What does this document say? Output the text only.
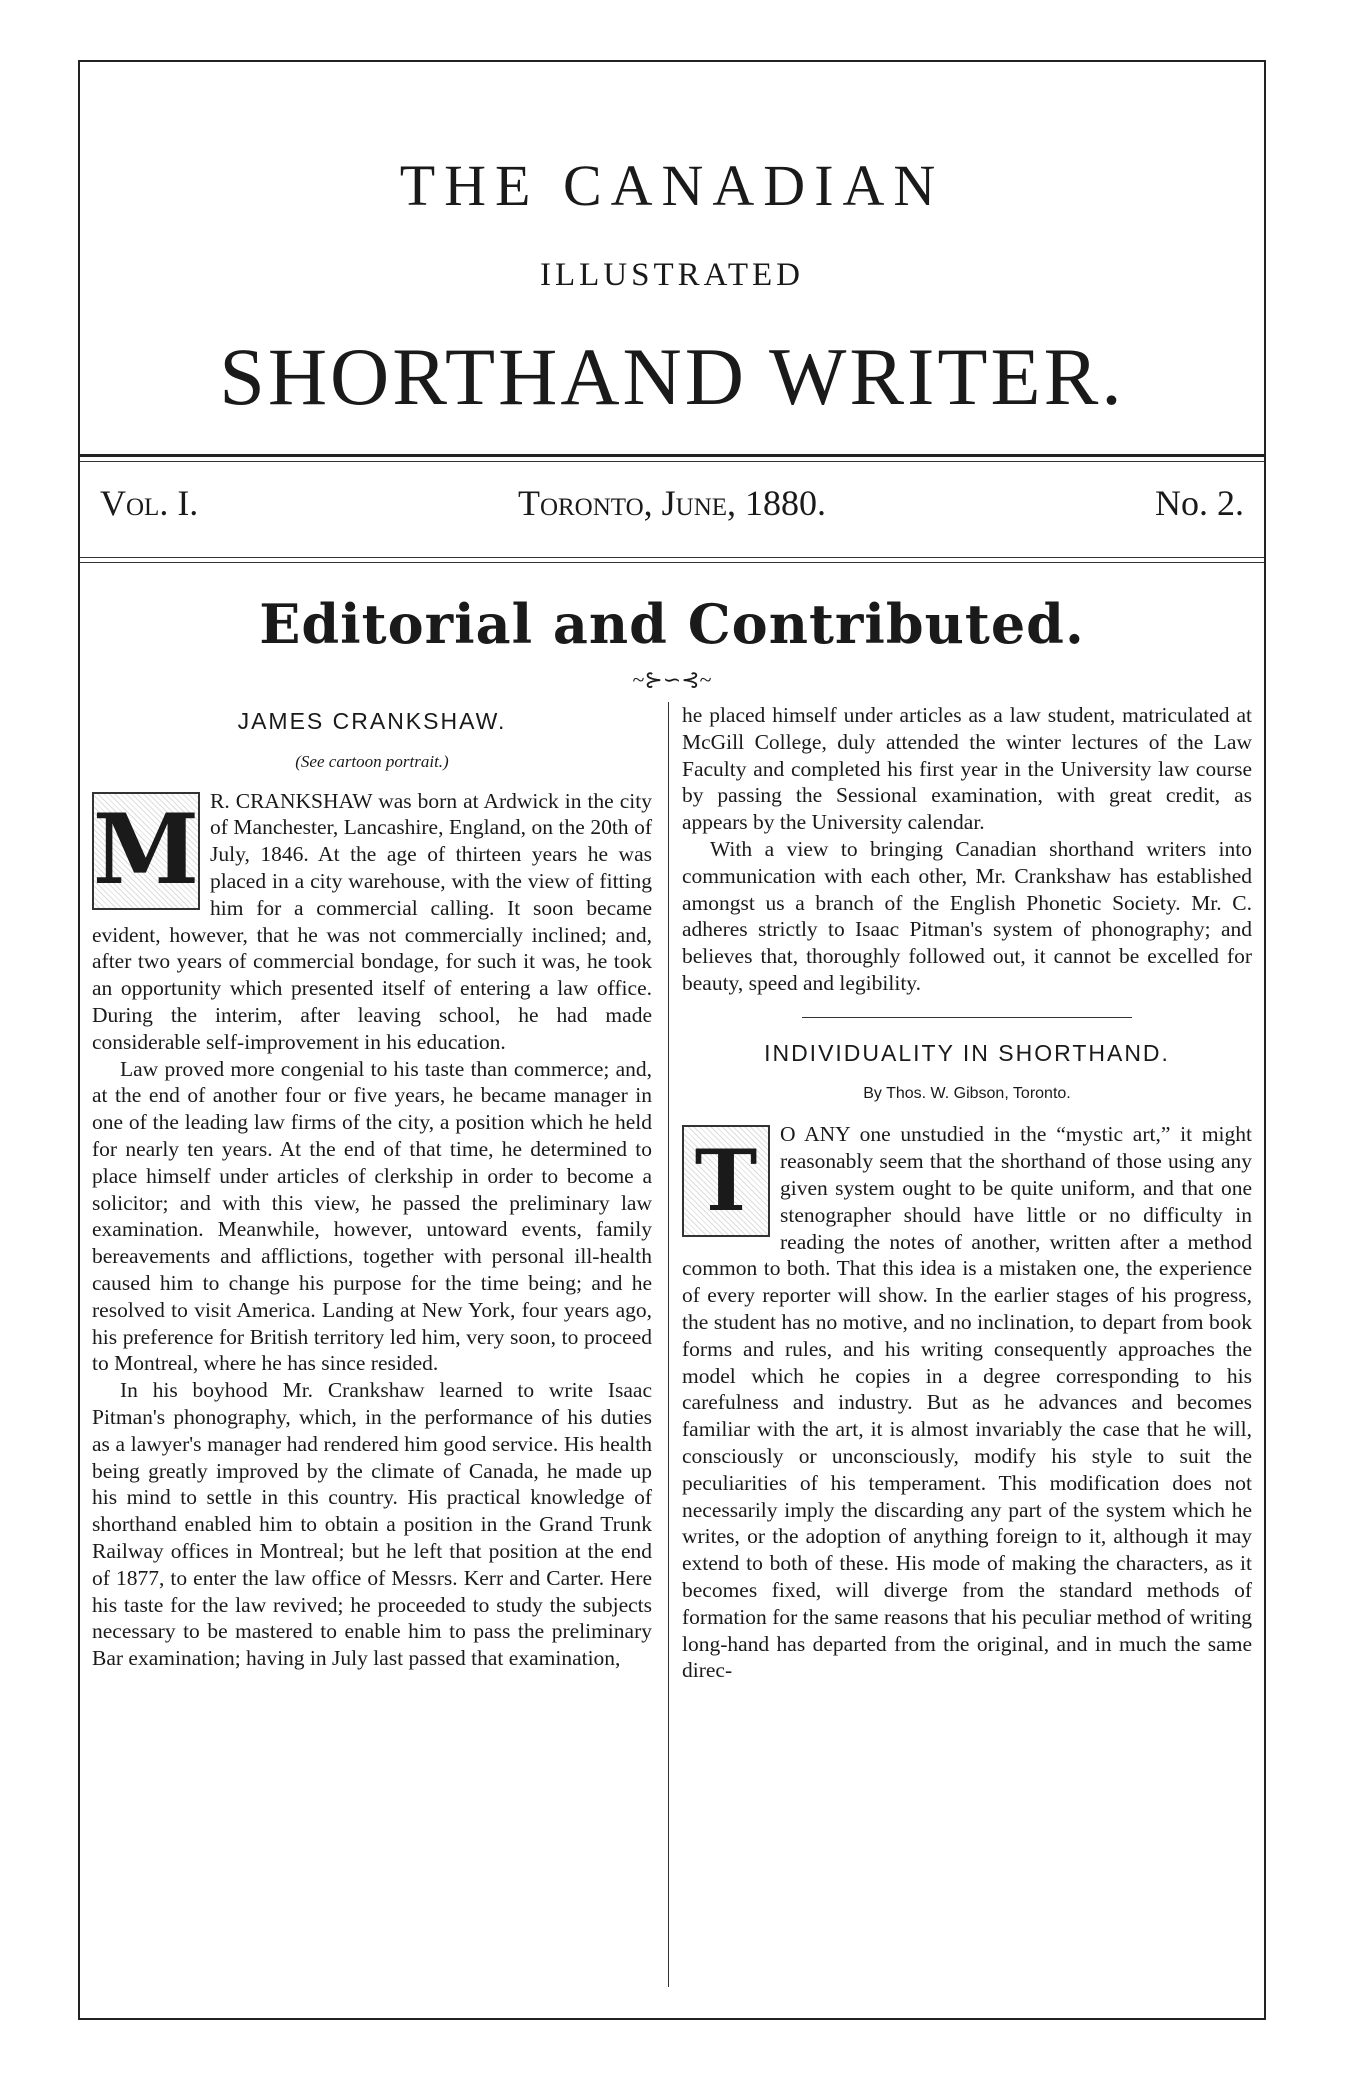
THE CANADIAN
ILLUSTRATED
SHORTHAND WRITER.
Vol. I.	Toronto, June, 1880.	No. 2.
Editorial and Contributed.
~⊱∽⊰~
JAMES CRANKSHAW.
(See cartoon portrait.)
M R. CRANKSHAW was born at Ardwick in the city of Manchester, Lancashire, England, on the 20th of July, 1846. At the age of thirteen years he was placed in a city warehouse, with the view of fitting him for a commercial calling. It soon became evident, however, that he was not commercially inclined; and, after two years of commercial bondage, for such it was, he took an opportunity which presented itself of entering a law office. During the interim, after leaving school, he had made considerable self-improvement in his education.

Law proved more congenial to his taste than commerce; and, at the end of another four or five years, he became manager in one of the leading law firms of the city, a position which he held for nearly ten years. At the end of that time, he determined to place himself under articles of clerkship in order to become a solicitor; and with this view, he passed the preliminary law examination. Meanwhile, however, untoward events, family bereavements and afflictions, together with personal ill-health caused him to change his purpose for the time being; and he resolved to visit America. Landing at New York, four years ago, his preference for British territory led him, very soon, to proceed to Montreal, where he has since resided.

In his boyhood Mr. Crankshaw learned to write Isaac Pitman's phonography, which, in the performance of his duties as a lawyer's manager had rendered him good service. His health being greatly improved by the climate of Canada, he made up his mind to settle in this country. His practical knowledge of shorthand enabled him to obtain a position in the Grand Trunk Railway offices in Montreal; but he left that position at the end of 1877, to enter the law office of Messrs. Kerr and Carter. Here his taste for the law revived; he proceeded to study the subjects necessary to be mastered to enable him to pass the preliminary Bar examination; having in July last passed that examination,

he placed himself under articles as a law student, matriculated at McGill College, duly attended the winter lectures of the Law Faculty and completed his first year in the University law course by passing the Sessional examination, with great credit, as appears by the University calendar.

With a view to bringing Canadian shorthand writers into communication with each other, Mr. Crankshaw has established amongst us a branch of the English Phonetic Society. Mr. C. adheres strictly to Isaac Pitman's system of phonography; and believes that, thoroughly followed out, it cannot be excelled for beauty, speed and legibility.

INDIVIDUALITY IN SHORTHAND.
By Thos. W. Gibson, Toronto.
T	O ANY one unstudied in the “mystic art,” it might reasonably seem that the shorthand of those using any given system ought to be quite uniform, and that one stenographer should have little or no difficulty in reading the notes of another, written after a method common to both. That this idea is a mistaken one, the experience of every reporter will show. In the earlier stages of his progress, the student has no motive, and no inclination, to depart from book forms and rules, and his writing consequently approaches the model which he copies in a degree corresponding to his carefulness and industry. But as he advances and becomes familiar with the art, it is almost invariably the case that he will, consciously or unconsciously, modify his style to suit the peculiarities of his temperament. This modification does not necessarily imply the discarding any part of the system which he writes, or the adoption of anything foreign to it, although it may extend to both of these. His mode of making the characters, as it becomes fixed, will diverge from the standard methods of formation for the same reasons that his peculiar method of writing long-hand has departed from the original, and in much the same direc-
